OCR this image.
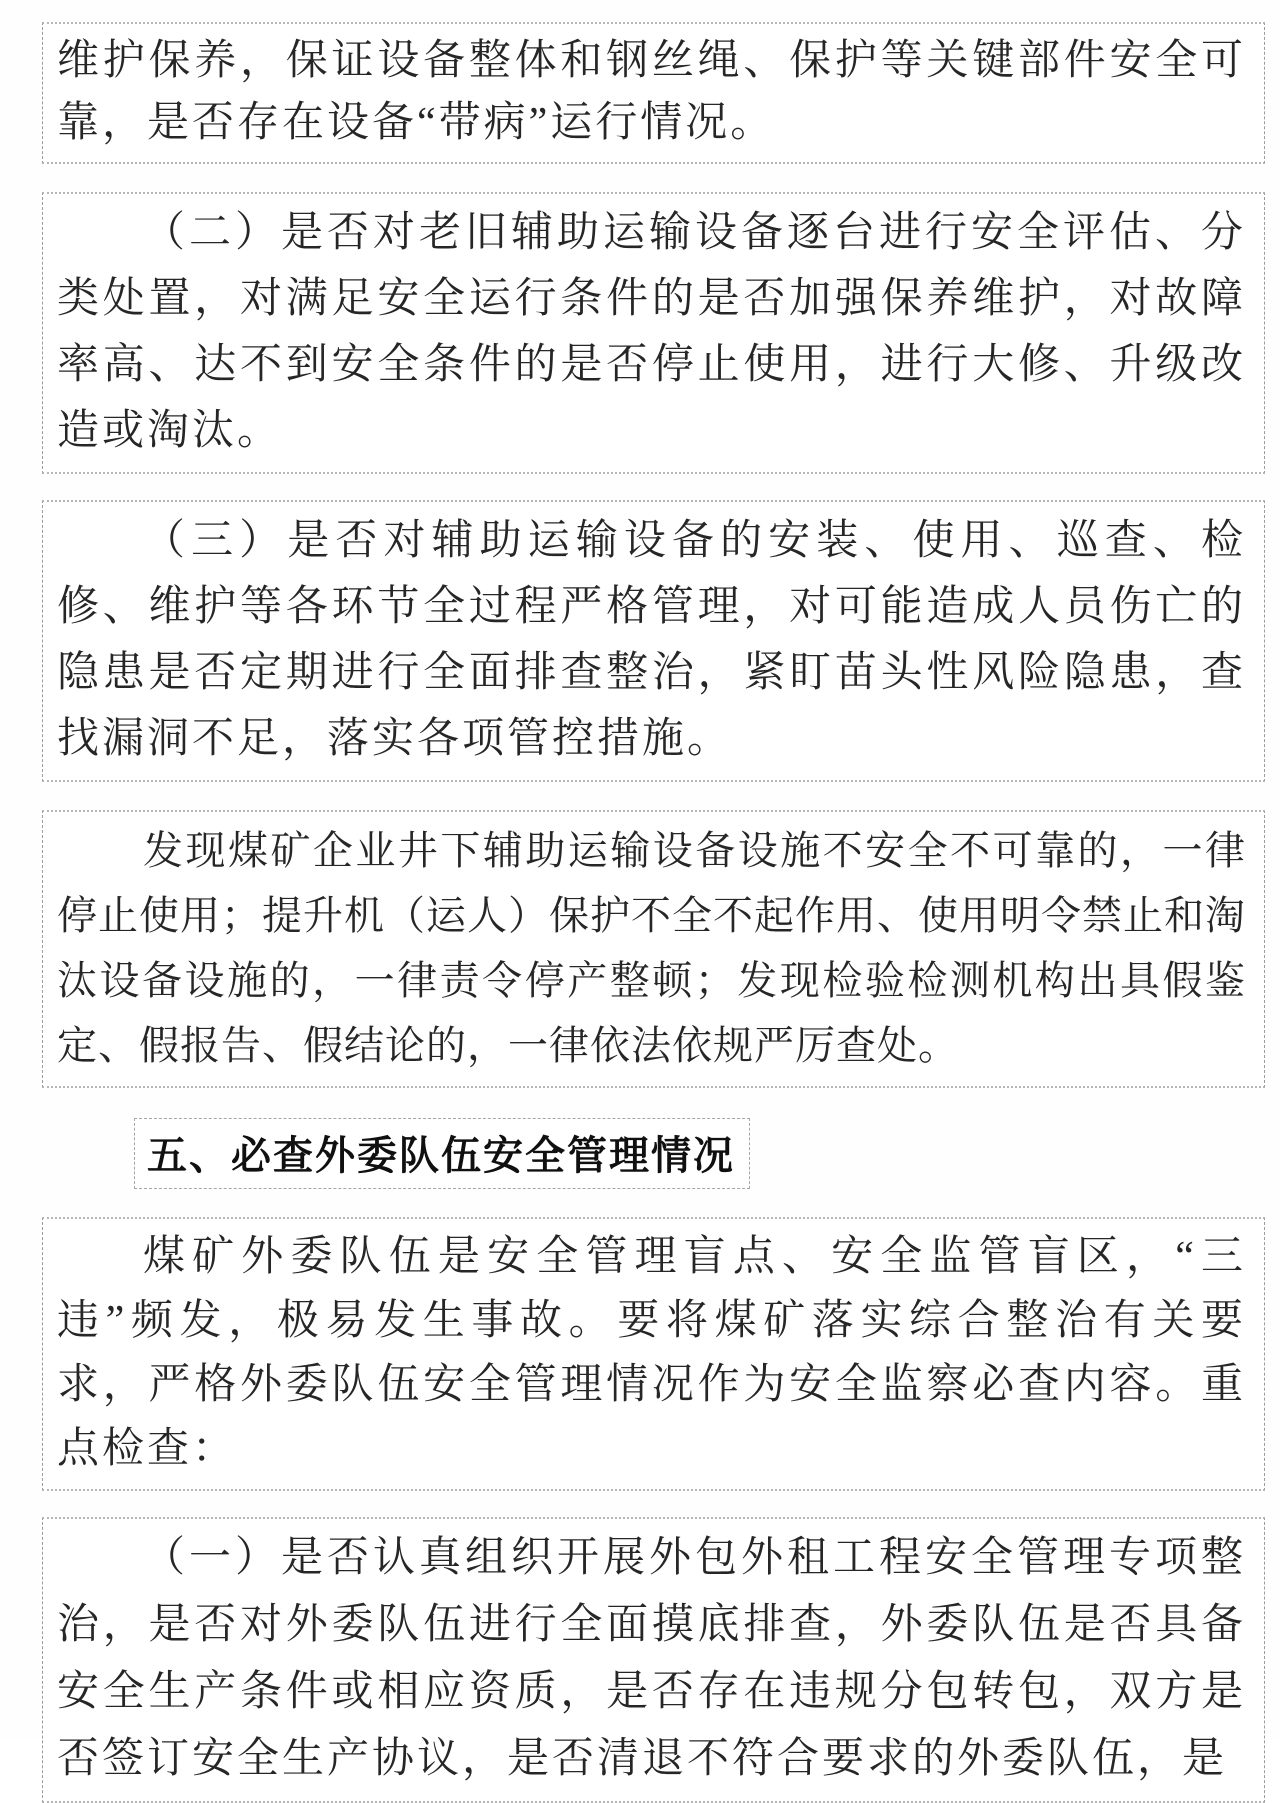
维护保养，保证设备整体和钢丝绳、保护等关键部件安全可靠，是否存在设备“带病”运行情况。

（二）是否对老旧辅助运输设备逐台进行安全评估、分类处置，对满足安全运行条件的是否加强保养维护，对故障率高、达不到安全条件的是否停止使用，进行大修、升级改造或淘汰。

（三）是否对辅助运输设备的安装、使用、巡查、检修、维护等各环节全过程严格管理，对可能造成人员伤亡的隐患是否定期进行全面排查整治，紧盯苗头性风险隐患，查找漏洞不足，落实各项管控措施。

发现煤矿企业井下辅助运输设备设施不安全不可靠的，一律停止使用；提升机（运人）保护不全不起作用、使用明令禁止和淘汰设备设施的，一律责令停产整顿；发现检验检测机构出具假鉴定、假报告、假结论的，一律依法依规严厉查处。

五、必查外委队伍安全管理情况

煤矿外委队伍是安全管理盲点、安全监管盲区，“三违”频发，极易发生事故。要将煤矿落实综合整治有关要求，严格外委队伍安全管理情况作为安全监察必查内容。重点检查：

（一）是否认真组织开展外包外租工程安全管理专项整治，是否对外委队伍进行全面摸底排查，外委队伍是否具备安全生产条件或相应资质，是否存在违规分包转包，双方是否签订安全生产协议，是否清退不符合要求的外委队伍，是
